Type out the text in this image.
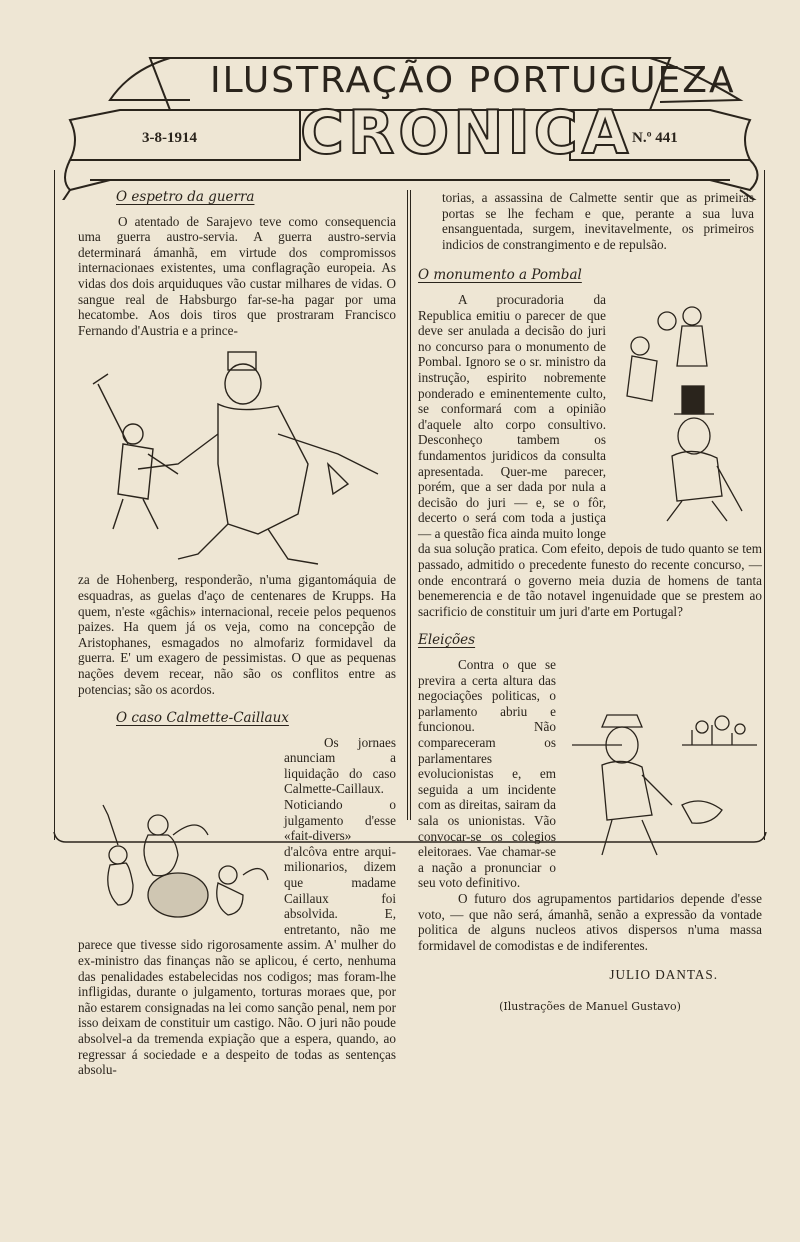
ILUSTRAÇÃO PORTUGUEZA
CRONICA
3-8-1914	N.º 441
O espetro da guerra

O atentado de Sarajevo teve como consequencia uma guerra austro-servia. A guerra austro-servia determinará ámanhã, em virtude dos compromissos internacionaes existentes, uma conflagração europeia. As vidas dos dois arquiduques vão custar milhares de vidas. O sangue real de Habsburgo far-se-ha pagar por uma hecatombe. Aos dois tiros que prostraram Francisco Fernando d'Austria e a prince-

za de Hohenberg, responderão, n'uma gigantomáquia de esquadras, as guelas d'aço de centenares de Krupps. Ha quem, n'este «gâchis» internacional, receie pelos pequenos paizes. Ha quem já os veja, como na concepção de Aristophanes, esmagados no almofariz formidavel da guerra. E' um exagero de pessimistas. O que as pequenas nações devem recear, não são os conflitos entre as potencias; são os acordos.

O caso Calmette-Caillaux

Os jornaes anunciam a liquidação do caso Calmette-Caillaux. Noticiando o julgamento d'esse «fait-divers» d'alcôva entre arqui-milionarios, dizem que madame Caillaux foi absolvida. E, entretanto, não me parece que tivesse sido rigorosamente assim. A' mulher do ex-ministro das finanças não se aplicou, é certo, nenhuma das penalidades estabelecidas nos codigos; mas foram-lhe infligidas, durante o julgamento, torturas moraes que, por não estarem consignadas na lei como sanção penal, nem por isso deixam de constituir um castigo. Não. O juri não poude absolvel-a da tremenda expiação que a espera, quando, ao regressar á sociedade e a despeito de todas as sentenças absolu-

torias, a assassina de Calmette sentir que as primeiras portas se lhe fecham e que, perante a sua luva ensanguentada, surgem, inevitavelmente, os primeiros indicios de constrangimento e de repulsão.

O monumento a Pombal

A procuradoria da Republica emitiu o parecer de que deve ser anulada a decisão do juri no concurso para o monumento de Pombal. Ignoro se o sr. ministro da instrução, espirito nobremente ponderado e eminentemente culto, se conformará com a opinião d'aquele alto corpo consultivo. Desconheço tambem os fundamentos juridicos da consulta apresentada. Quer-me parecer, porém, que a ser dada por nula a decisão do juri — e, se o fôr, decerto o será com toda a justiça — a questão fica ainda muito longe da sua solução pratica. Com efeito, depois de tudo quanto se tem passado, admitido o precedente funesto do recente concurso, — onde encontrará o governo meia duzia de homens de tanta benemerencia e de tão notavel ingenuidade que se prestem ao sacrificio de constituir um juri d'arte em Portugal?

Eleições

Contra o que se previra a certa altura das negociações politicas, o parlamento abriu e funcionou. Não compareceram os parlamentares evolucionistas e, em seguida a um incidente com as direitas, sairam da sala os unionistas. Vão convocar-se os colegios eleitoraes. Vae chamar-se a nação a pronunciar o seu voto definitivo.

O futuro dos agrupamentos partidarios depende d'esse voto, — que não será, ámanhã, senão a expressão da vontade politica de alguns nucleos ativos dispersos n'uma massa formidavel de comodistas e de indiferentes.

JULIO DANTAS.
(Ilustrações de Manuel Gustavo)
